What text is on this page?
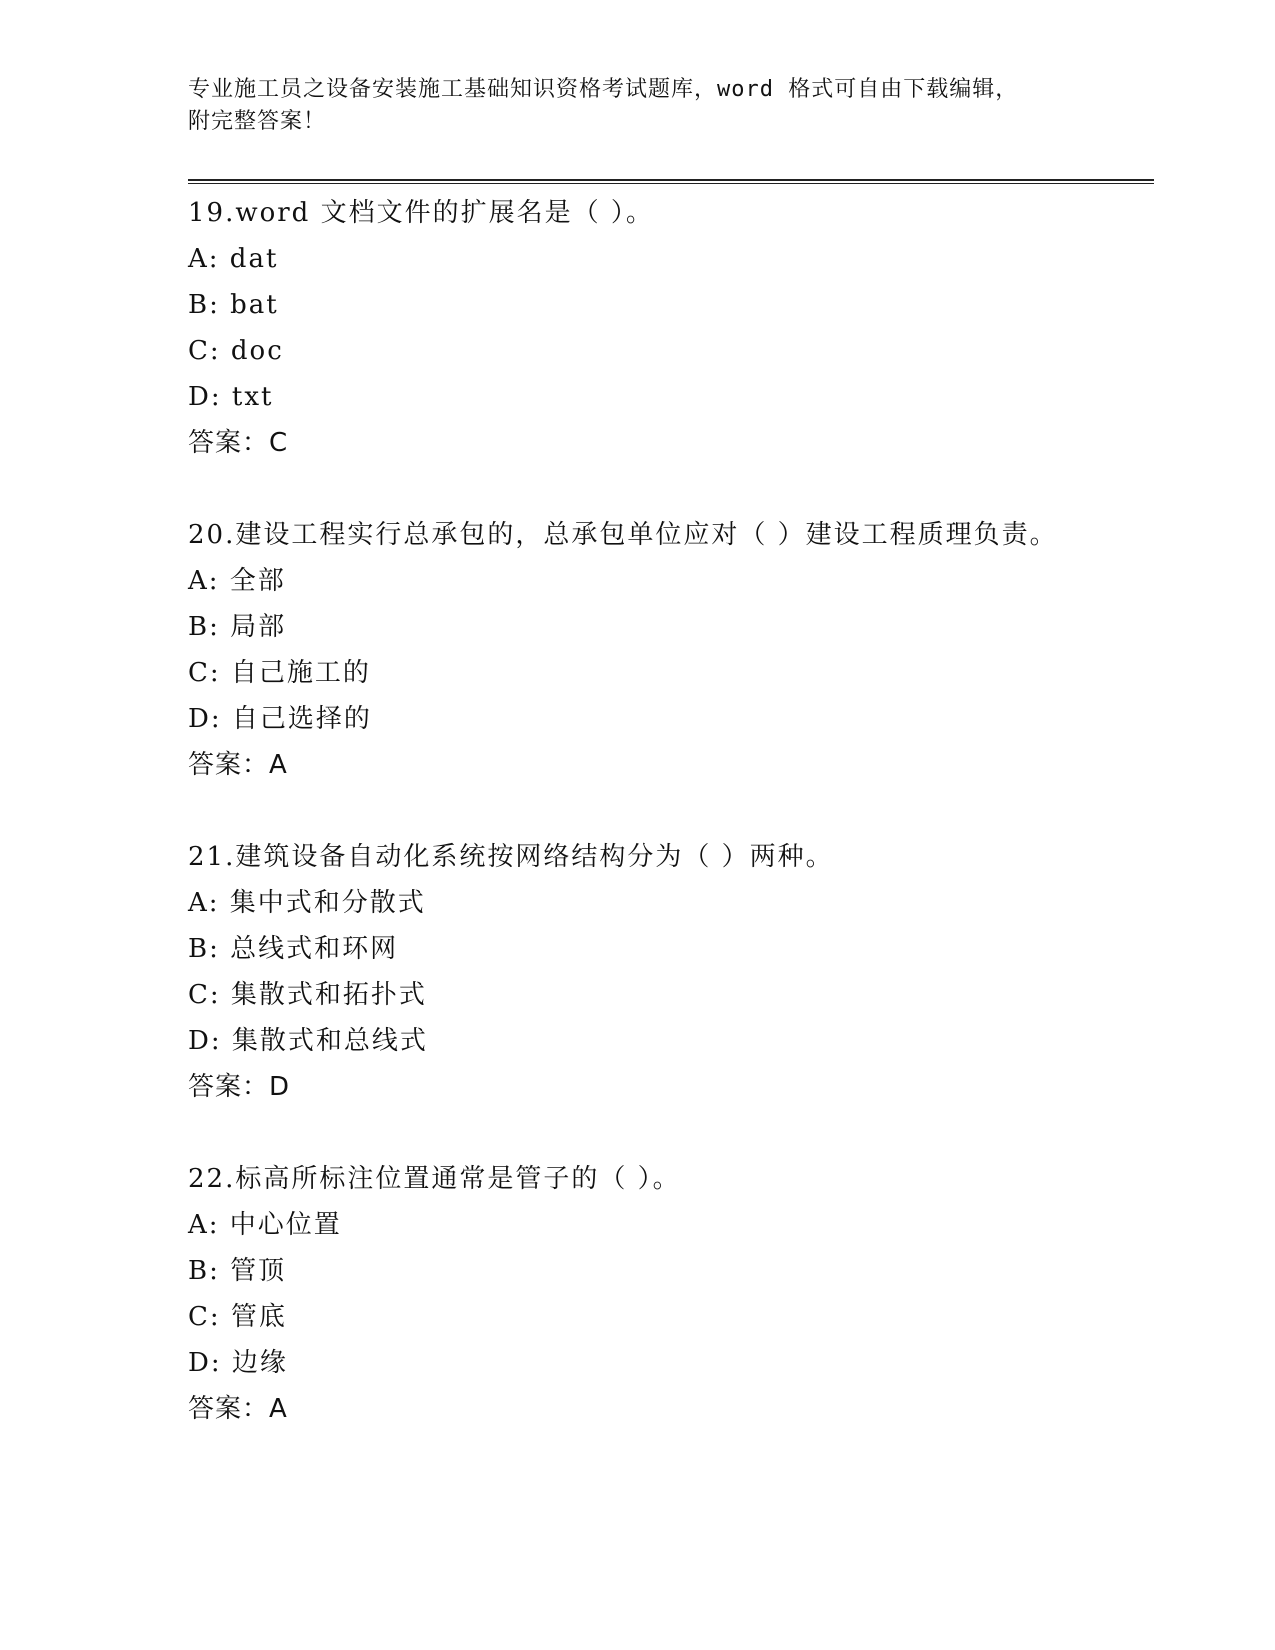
专业施工员之设备安装施工基础知识资格考试题库，word 格式可自由下载编辑，
附完整答案！
19.word 文档文件的扩展名是（ ）。
A: dat
B: bat
C: doc
D: txt
答案：C
20.建设工程实行总承包的，总承包单位应对（ ）建设工程质理负责。
A: 全部
B: 局部
C: 自己施工的
D: 自己选择的
答案：A
21.建筑设备自动化系统按网络结构分为（ ）两种。
A: 集中式和分散式
B: 总线式和环网
C: 集散式和拓扑式
D: 集散式和总线式
答案：D
22.标高所标注位置通常是管子的（ ）。
A: 中心位置
B: 管顶
C: 管底
D: 边缘
答案：A
